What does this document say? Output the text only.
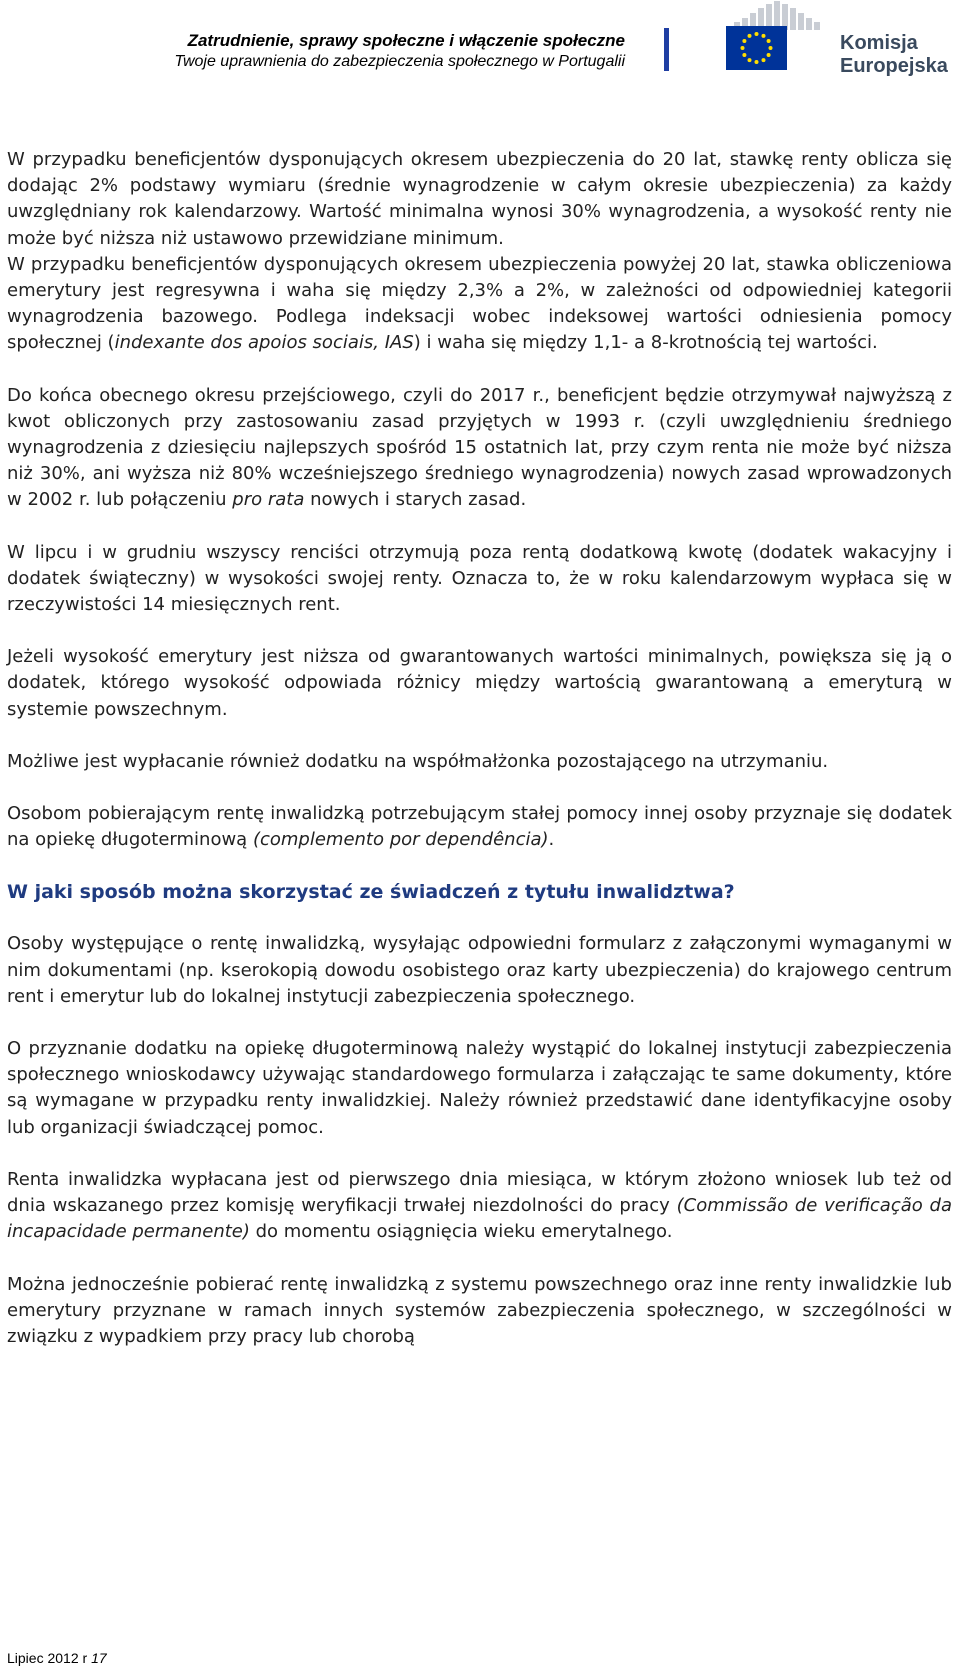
Zatrudnienie, sprawy społeczne i włączenie społeczne
Twoje uprawnienia do zabezpieczenia społecznego w Portugalii
Komisja
Europejska

W przypadku beneficjentów dysponujących okresem ubezpieczenia do 20 lat, stawkę renty oblicza się dodając 2% podstawy wymiaru (średnie wynagrodzenie w całym okresie ubezpieczenia) za każdy uwzględniany rok kalendarzowy. Wartość minimalna wynosi 30% wynagrodzenia, a wysokość renty nie może być niższa niż ustawowo przewidziane minimum.

W przypadku beneficjentów dysponujących okresem ubezpieczenia powyżej 20 lat, stawka obliczeniowa emerytury jest regresywna i waha się między 2,3% a 2%, w zależności od odpowiedniej kategorii wynagrodzenia bazowego. Podlega indeksacji wobec indeksowej wartości odniesienia pomocy społecznej (indexante dos apoios sociais, IAS) i waha się między 1,1- a 8-krotnością tej wartości.

Do końca obecnego okresu przejściowego, czyli do 2017 r., beneficjent będzie otrzymywał najwyższą z kwot obliczonych przy zastosowaniu zasad przyjętych w 1993 r. (czyli uwzględnieniu średniego wynagrodzenia z dziesięciu najlepszych spośród 15 ostatnich lat, przy czym renta nie może być niższa niż 30%, ani wyższa niż 80% wcześniejszego średniego wynagrodzenia) nowych zasad wprowadzonych w 2002 r. lub połączeniu pro rata nowych i starych zasad.

W lipcu i w grudniu wszyscy renciści otrzymują poza rentą dodatkową kwotę (dodatek wakacyjny i dodatek świąteczny) w wysokości swojej renty. Oznacza to, że w roku kalendarzowym wypłaca się w rzeczywistości 14 miesięcznych rent.

Jeżeli wysokość emerytury jest niższa od gwarantowanych wartości minimalnych, powiększa się ją o dodatek, którego wysokość odpowiada różnicy między wartością gwarantowaną a emeryturą w systemie powszechnym.

Możliwe jest wypłacanie również dodatku na współmałżonka pozostającego na utrzymaniu.

Osobom pobierającym rentę inwalidzką potrzebującym stałej pomocy innej osoby przyznaje się dodatek na opiekę długoterminową (complemento por dependência).

W jaki sposób można skorzystać ze świadczeń z tytułu inwalidztwa?

Osoby występujące o rentę inwalidzką, wysyłając odpowiedni formularz z załączonymi wymaganymi w nim dokumentami (np. kserokopią dowodu osobistego oraz karty ubezpieczenia) do krajowego centrum rent i emerytur lub do lokalnej instytucji zabezpieczenia społecznego.

O przyznanie dodatku na opiekę długoterminową należy wystąpić do lokalnej instytucji zabezpieczenia społecznego wnioskodawcy używając standardowego formularza i załączając te same dokumenty, które są wymagane w przypadku renty inwalidzkiej. Należy również przedstawić dane identyfikacyjne osoby lub organizacji świadczącej pomoc.

Renta inwalidzka wypłacana jest od pierwszego dnia miesiąca, w którym złożono wniosek lub też od dnia wskazanego przez komisję weryfikacji trwałej niezdolności do pracy (Commissão de verificação da incapacidade permanente) do momentu osiągnięcia wieku emerytalnego.

Można jednocześnie pobierać rentę inwalidzką z systemu powszechnego oraz inne renty inwalidzkie lub emerytury przyznane w ramach innych systemów zabezpieczenia społecznego, w szczególności w związku z wypadkiem przy pracy lub chorobą

Lipiec 2012 r 17
